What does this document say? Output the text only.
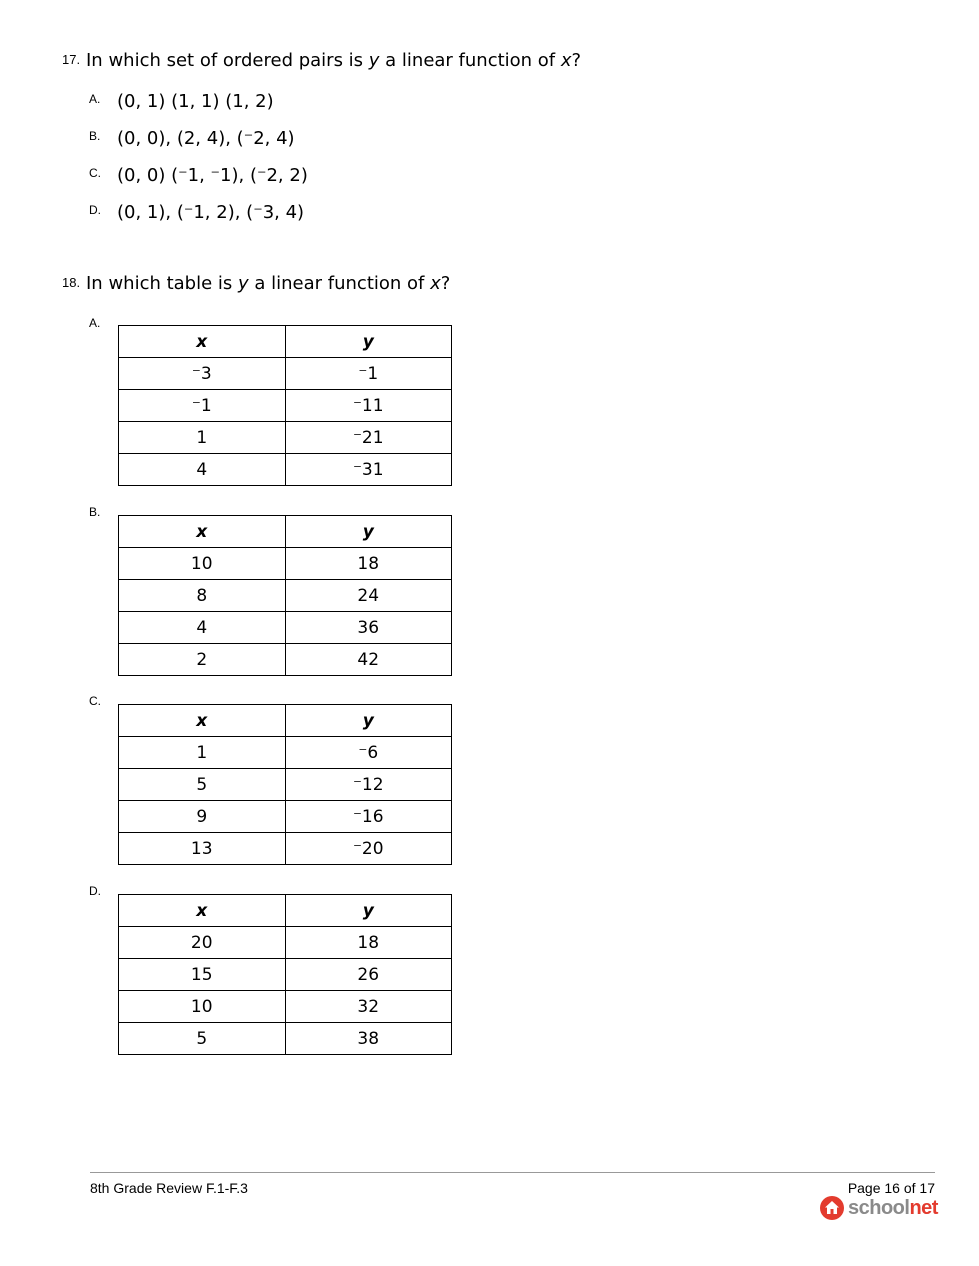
17. In which set of ordered pairs is y a linear function of x?
A. (0, 1) (1, 1) (1, 2)
B. (0, 0), (2, 4), (⁻2, 4)
C. (0, 0) (⁻1, ⁻1), (⁻2, 2)
D. (0, 1), (⁻1, 2), (⁻3, 4)
18. In which table is y a linear function of x?
A.
x	y
⁻3	⁻1
⁻1	⁻11
1	⁻21
4	⁻31
B.
x	y
10	18
8	24
4	36
2	42
C.
x	y
1	⁻6
5	⁻12
9	⁻16
13	⁻20
D.
x	y
20	18
15	26
10	32
5	38
8th Grade Review F.1-F.3	Page 16 of 17
schoolnet
